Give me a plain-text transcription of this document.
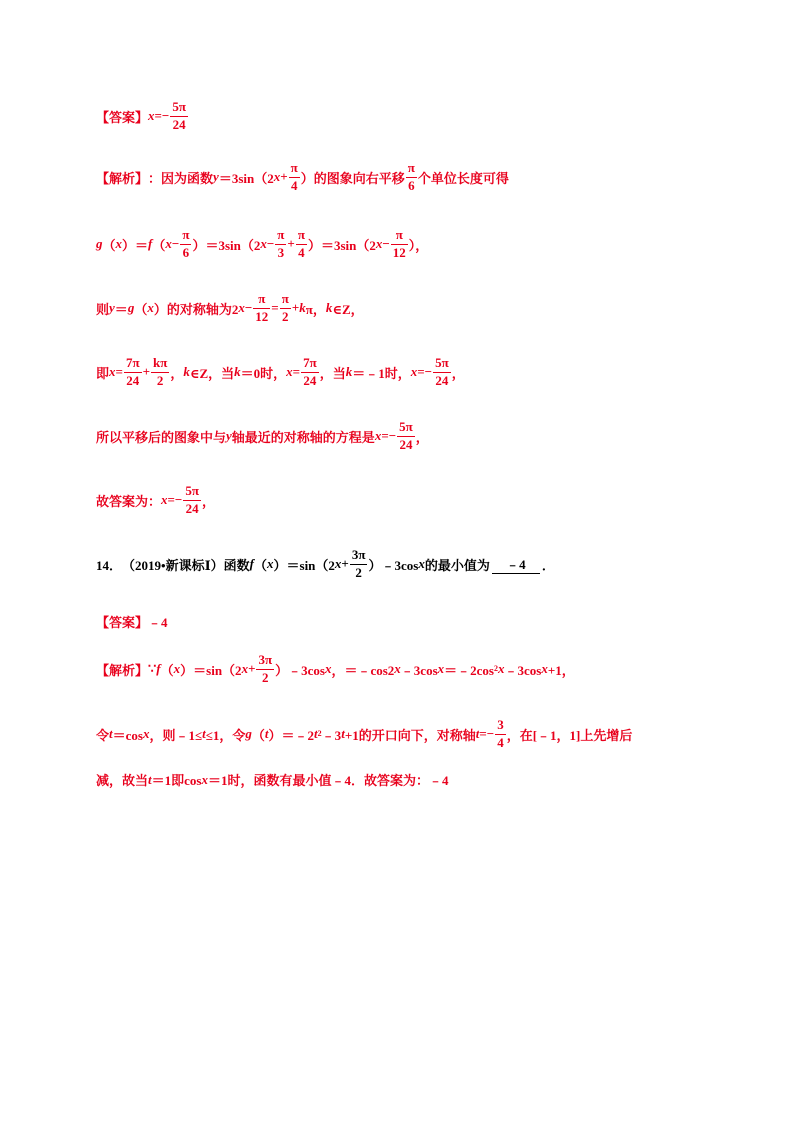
【答案】 $x =- \frac{5\pi}{24}$
【解析】 ：因为函数 y ＝3sin（2 $x + \frac{\pi}{4}$ ）的图象向右平移 $\frac{\pi}{6}$ 个单位长度可得
g （ x ）＝ f （ $x - \frac{\pi}{6} )=3\sin(2$ $x - \frac{\pi}{3} + \frac{\pi}{4} )=3\sin(2$ $x - \frac{\pi}{12}$ ），
则 y ＝ g （ x ）的对称轴为2 $x - \frac{\pi}{12} = \frac{\pi}{2} + k$ π， k ∈Z，
即 $x = \frac{7\pi}{24} + \frac{k\pi}{2}$ ， k ∈Z，当 k ＝0时， $x = \frac{7\pi}{24}$ ，当 k ＝﹣1时， $x =- \frac{5\pi}{24}$ ，
所以平移后的图象中与 y 轴最近的对称轴的方程是 $x =- \frac{5\pi}{24}$ ，
故答案为： $x =- \frac{5\pi}{24}$ ，
14． （2019•新课标Ⅰ）函数 f （ x ）＝sin（2 $x + \frac{3\pi}{2}$ ）﹣3cos x 的最小值为	﹣4	．
【答案】 ﹣4
【解析】 ∵ f （ x ）＝sin（2 $x + \frac{3\pi}{2}$ ）﹣3cos x ，＝﹣cos2 x ﹣3cos x ＝﹣2cos 2 x ﹣3cos x +1，
令 t ＝cos x ，则﹣1≤ t ≤1，令 g （ t ）＝﹣2 t 2 ﹣3 t +1的开口向下，对称轴 $t =- \frac{3}{4}$ ，在[﹣1，1]上先增后
减，故当 t ＝1即cos x ＝1时，函数有最小值﹣4．故答案为：﹣4
